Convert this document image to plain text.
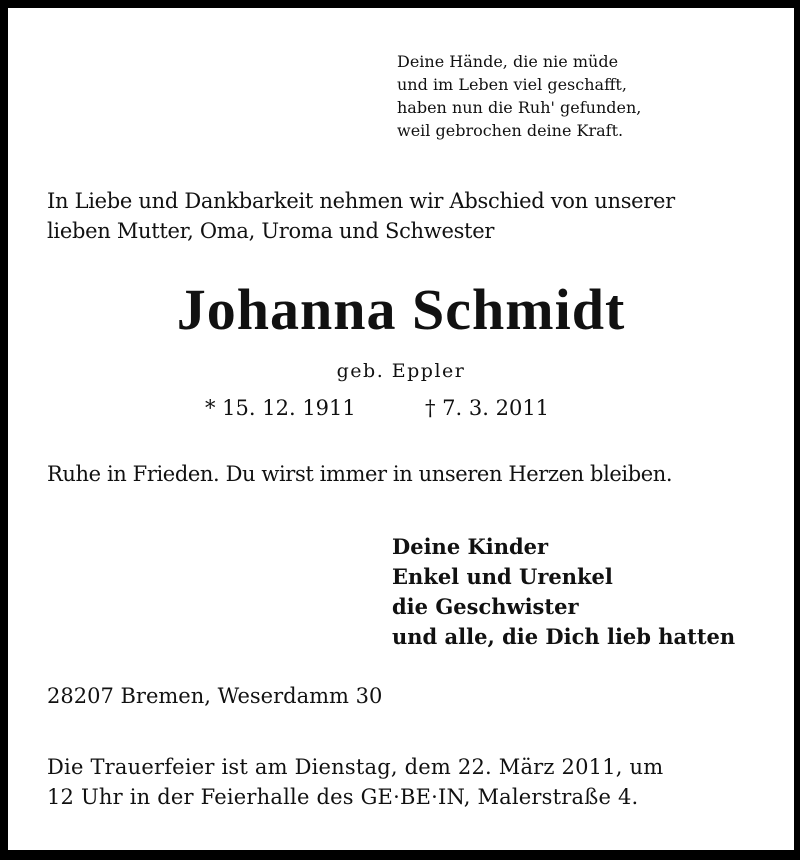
Deine Hände, die nie müde
und im Leben viel geschafft,
haben nun die Ruh' gefunden,
weil gebrochen deine Kraft.
In Liebe und Dankbarkeit nehmen wir Abschied von unserer
lieben Mutter, Oma, Uroma und Schwester
Johanna Schmidt
geb. Eppler
* 15. 12. 1911	† 7. 3. 2011
Ruhe in Frieden. Du wirst immer in unseren Herzen bleiben.
Deine Kinder
Enkel und Urenkel
die Geschwister
und alle, die Dich lieb hatten
28207 Bremen, Weserdamm 30
Die Trauerfeier ist am Dienstag, dem 22. März 2011, um
12 Uhr in der Feierhalle des GE·BE·IN, Malerstraße 4.
